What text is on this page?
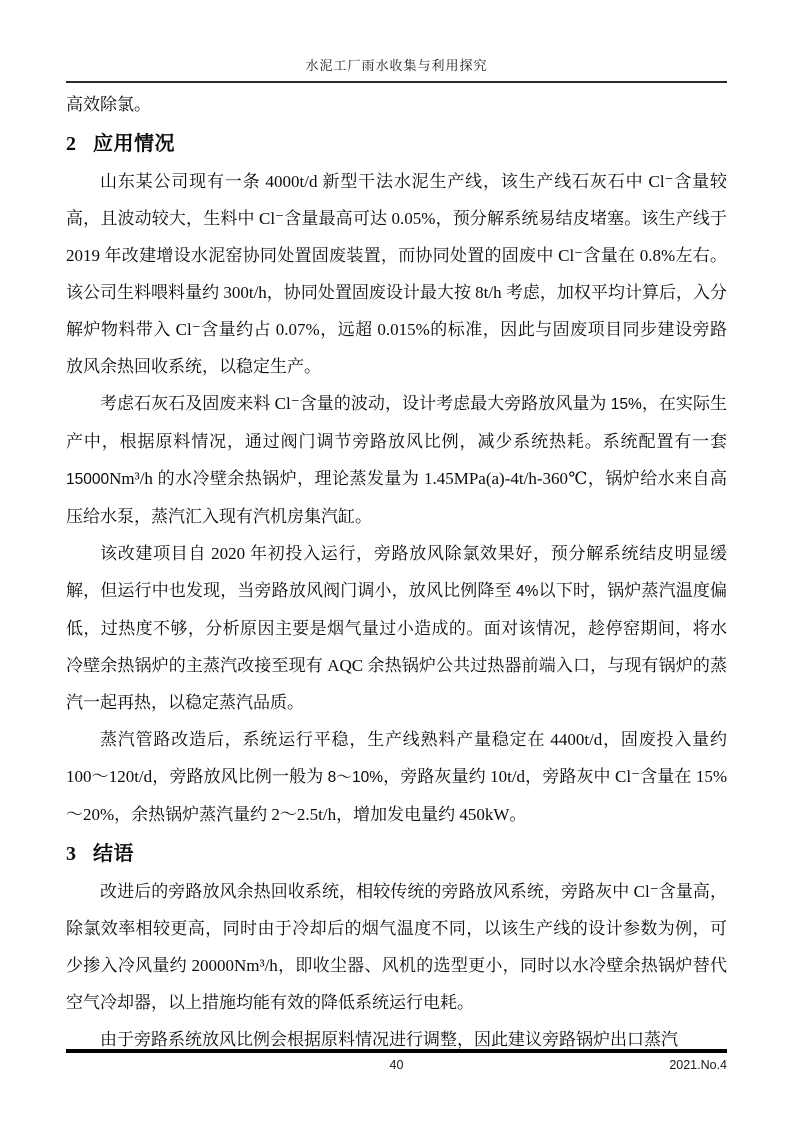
水泥工厂雨水收集与利用探究

高效除氯。

2 应用情况

山东某公司现有一条 4000t/d 新型干法水泥生产线，该生产线石灰石中 Cl⁻含量较高，且波动较大，生料中 Cl⁻含量最高可达 0.05%，预分解系统易结皮堵塞。该生产线于 2019 年改建增设水泥窑协同处置固废装置，而协同处置的固废中 Cl⁻含量在 0.8%左右。该公司生料喂料量约 300t/h，协同处置固废设计最大按 8t/h 考虑，加权平均计算后，入分解炉物料带入 Cl⁻含量约占 0.07%，远超 0.015%的标准，因此与固废项目同步建设旁路放风余热回收系统，以稳定生产。

考虑石灰石及固废来料 Cl⁻含量的波动，设计考虑最大旁路放风量为 15%，在实际生产中，根据原料情况，通过阀门调节旁路放风比例，减少系统热耗。系统配置有一套 15000Nm³/h 的水冷壁余热锅炉，理论蒸发量为 1.45MPa(a)-4t/h-360℃，锅炉给水来自高压给水泵，蒸汽汇入现有汽机房集汽缸。

该改建项目自 2020 年初投入运行，旁路放风除氯效果好，预分解系统结皮明显缓解，但运行中也发现，当旁路放风阀门调小，放风比例降至 4%以下时，锅炉蒸汽温度偏低，过热度不够，分析原因主要是烟气量过小造成的。面对该情况，趁停窑期间，将水冷壁余热锅炉的主蒸汽改接至现有 AQC 余热锅炉公共过热器前端入口，与现有锅炉的蒸汽一起再热，以稳定蒸汽品质。

蒸汽管路改造后，系统运行平稳，生产线熟料产量稳定在 4400t/d，固废投入量约 100～120t/d，旁路放风比例一般为 8～10%，旁路灰量约 10t/d，旁路灰中 Cl⁻含量在 15%～20%，余热锅炉蒸汽量约 2～2.5t/h，增加发电量约 450kW。

3 结语

改进后的旁路放风余热回收系统，相较传统的旁路放风系统，旁路灰中 Cl⁻含量高，除氯效率相较更高，同时由于冷却后的烟气温度不同，以该生产线的设计参数为例，可少掺入冷风量约 20000Nm³/h，即收尘器、风机的选型更小，同时以水冷壁余热锅炉替代空气冷却器，以上措施均能有效的降低系统运行电耗。

由于旁路系统放风比例会根据原料情况进行调整，因此建议旁路锅炉出口蒸汽

40	2021.No.4
